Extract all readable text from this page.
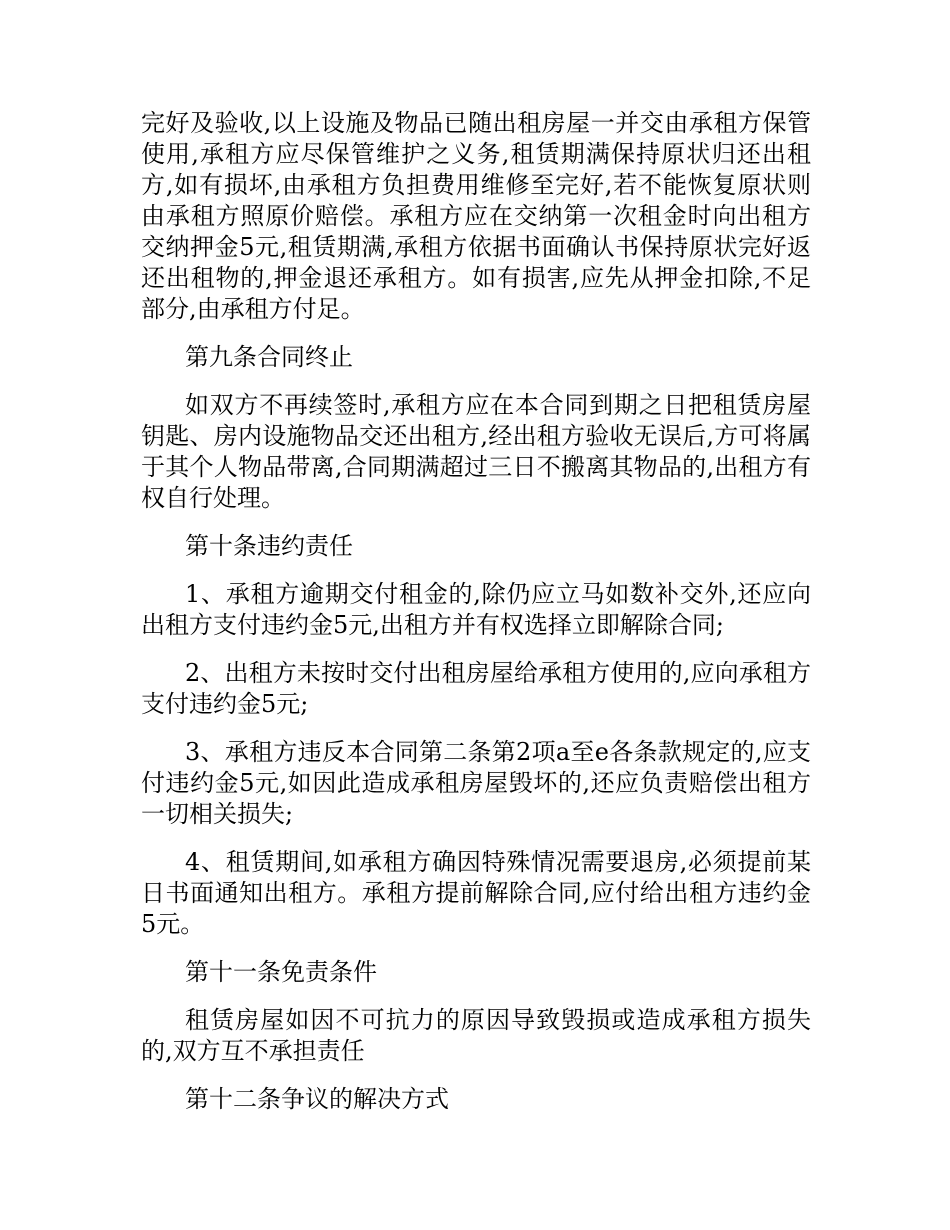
完好及验收,以上设施及物品已随出租房屋一并交由承租方保管使用,承租方应尽保管维护之义务,租赁期满保持原状归还出租方,如有损坏,由承租方负担费用维修至完好,若不能恢复原状则由承租方照原价赔偿。承租方应在交纳第一次租金时向出租方交纳押金5元,租赁期满,承租方依据书面确认书保持原状完好返还出租物的,押金退还承租方。如有损害,应先从押金扣除,不足部分,由承租方付足。

第九条合同终止

如双方不再续签时,承租方应在本合同到期之日把租赁房屋钥匙、房内设施物品交还出租方,经出租方验收无误后,方可将属于其个人物品带离,合同期满超过三日不搬离其物品的,出租方有权自行处理。

第十条违约责任

1、承租方逾期交付租金的,除仍应立马如数补交外,还应向出租方支付违约金5元,出租方并有权选择立即解除合同;

2、出租方未按时交付出租房屋给承租方使用的,应向承租方支付违约金5元;

3、承租方违反本合同第二条第2项a至e各条款规定的,应支付违约金5元,如因此造成承租房屋毁坏的,还应负责赔偿出租方一切相关损失;

4、租赁期间,如承租方确因特殊情况需要退房,必须提前某日书面通知出租方。承租方提前解除合同,应付给出租方违约金5元。

第十一条免责条件

租赁房屋如因不可抗力的原因导致毁损或造成承租方损失的,双方互不承担责任

第十二条争议的解决方式
